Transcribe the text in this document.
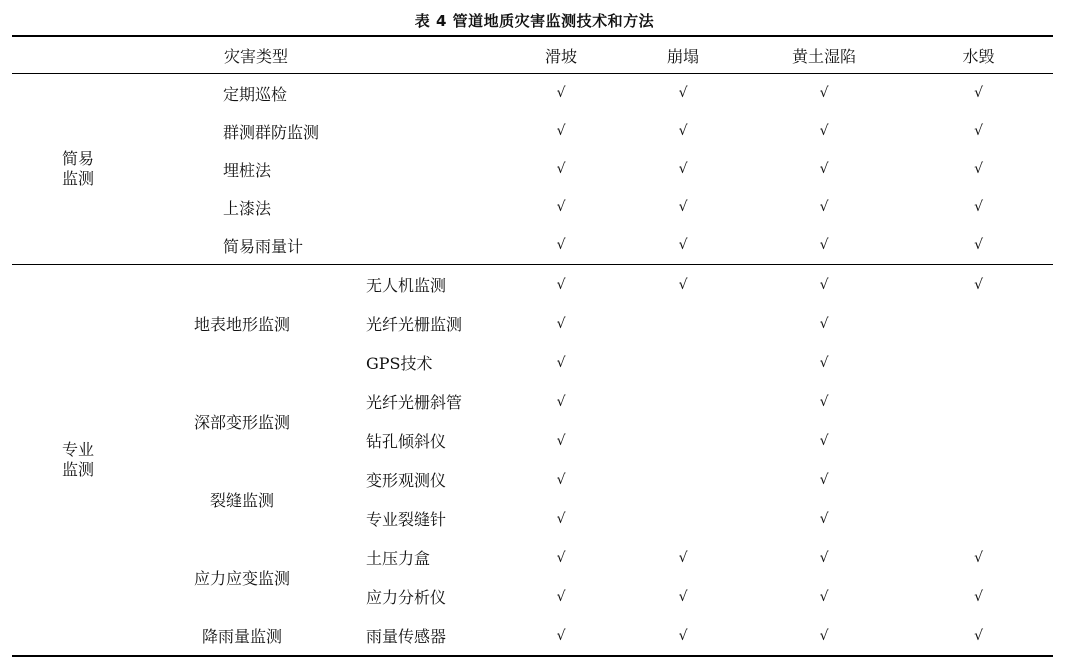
表 4 管道地质灾害监测技术和方法
灾害类型			滑坡	崩塌	黄土湿陷	水毁

简易
监测	定期巡检		√	√	√	√
	群测群防监测		√	√	√	√
	埋桩法		√	√	√	√
	上漆法		√	√	√	√
	简易雨量计		√	√	√	√

专业
监测	地表地形监测	无人机监测	√	√	√	√
		光纤光栅监测	√		√	
		GPS技术	√		√	
	深部变形监测	光纤光栅斜管	√		√	
		钻孔倾斜仪	√		√	
	裂缝监测	变形观测仪	√		√	
		专业裂缝针	√		√	
	应力应变监测	土压力盒	√	√	√	√
		应力分析仪	√	√	√	√
	降雨量监测	雨量传感器	√	√	√	√
